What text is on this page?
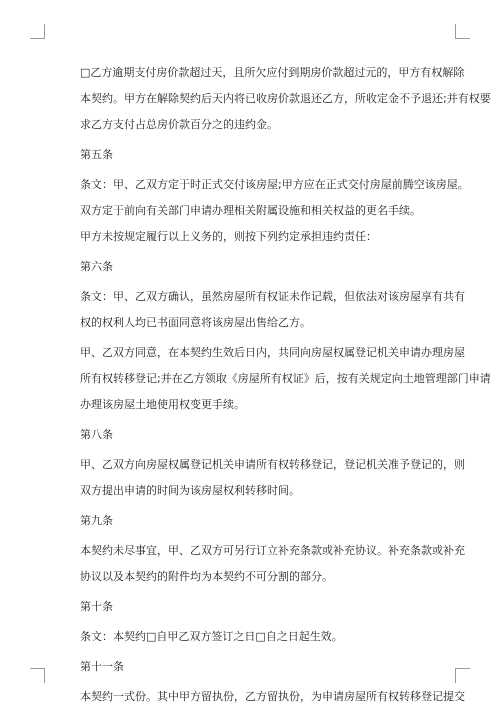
□乙方逾期支付房价款超过天，且所欠应付到期房价款超过元的，甲方有权解除

本契约。甲方在解除契约后天内将已收房价款退还乙方，所收定金不予退还;并有权要

求乙方支付占总房价款百分之的违约金。

第五条

条文：甲、乙双方定于时正式交付该房屋;甲方应在正式交付房屋前腾空该房屋。

双方定于前向有关部门申请办理相关附属设施和相关权益的更名手续。

甲方未按规定履行以上义务的，则按下列约定承担违约责任：

第六条

条文：甲、乙双方确认，虽然房屋所有权证未作记载，但依法对该房屋享有共有

权的权利人均已书面同意将该房屋出售给乙方。

甲、乙双方同意，在本契约生效后日内，共同向房屋权属登记机关申请办理房屋

所有权转移登记;并在乙方领取《房屋所有权证》后，按有关规定向土地管理部门申请

办理该房屋土地使用权变更手续。

第八条

甲、乙双方向房屋权属登记机关申请所有权转移登记，登记机关准予登记的，则

双方提出申请的时间为该房屋权利转移时间。

第九条

本契约未尽事宜，甲、乙双方可另行订立补充条款或补充协议。补充条款或补充

协议以及本契约的附件均为本契约不可分割的部分。

第十条

条文：本契约□自甲乙双方签订之日□自之日起生效。

第十一条

本契约一式份。其中甲方留执份，乙方留执份，为申请房屋所有权转移登记提交
